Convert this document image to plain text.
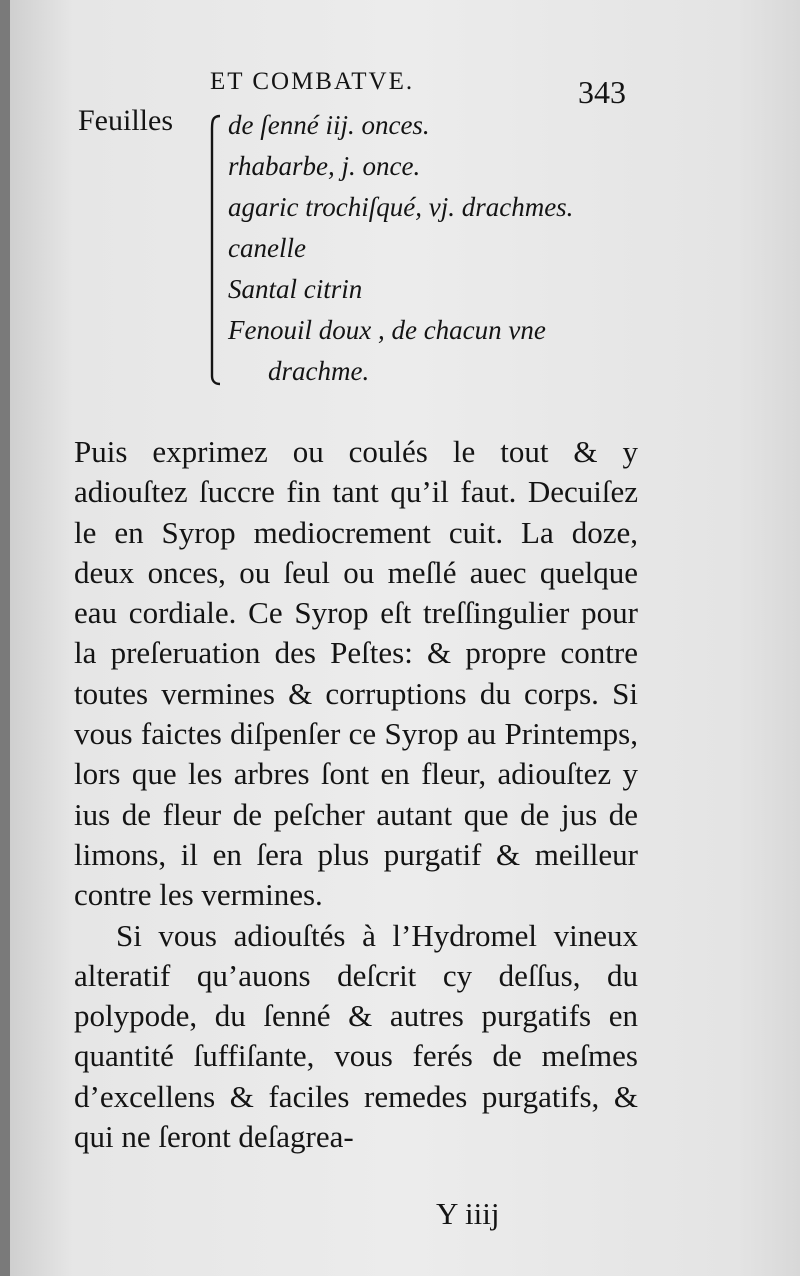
ET COMBATVE.	343
Feuilles de ſenné iij. onces.
rhabarbe, j. once.
agaric trochiſqué, vj. drachmes.
canelle
Santal citrin
Fenouil doux , de chacun vne
drachme.

Puis exprimez ou coulés le tout & y adiouſtez ſuccre fin tant qu’il faut. Decuiſez le en Syrop mediocrement cuit. La doze, deux onces, ou ſeul ou meſlé auec quelque eau cordiale. Ce Syrop eſt treſſingulier pour la preſeruation des Peſtes: & propre contre toutes vermines & corruptions du corps. Si vous faictes diſpenſer ce Syrop au Printemps, lors que les arbres ſont en fleur, adiouſtez y ius de fleur de peſcher autant que de jus de limons, il en ſera plus purgatif & meilleur contre les vermines.

Si vous adiouſtés à l’Hydromel vineux alteratif qu’auons deſcrit cy deſſus, du polypode, du ſenné & autres purgatifs en quantité ſuffiſante, vous ferés de meſmes d’excellens & faciles remedes purgatifs, & qui ne ſeront deſagrea-

Y iiij
